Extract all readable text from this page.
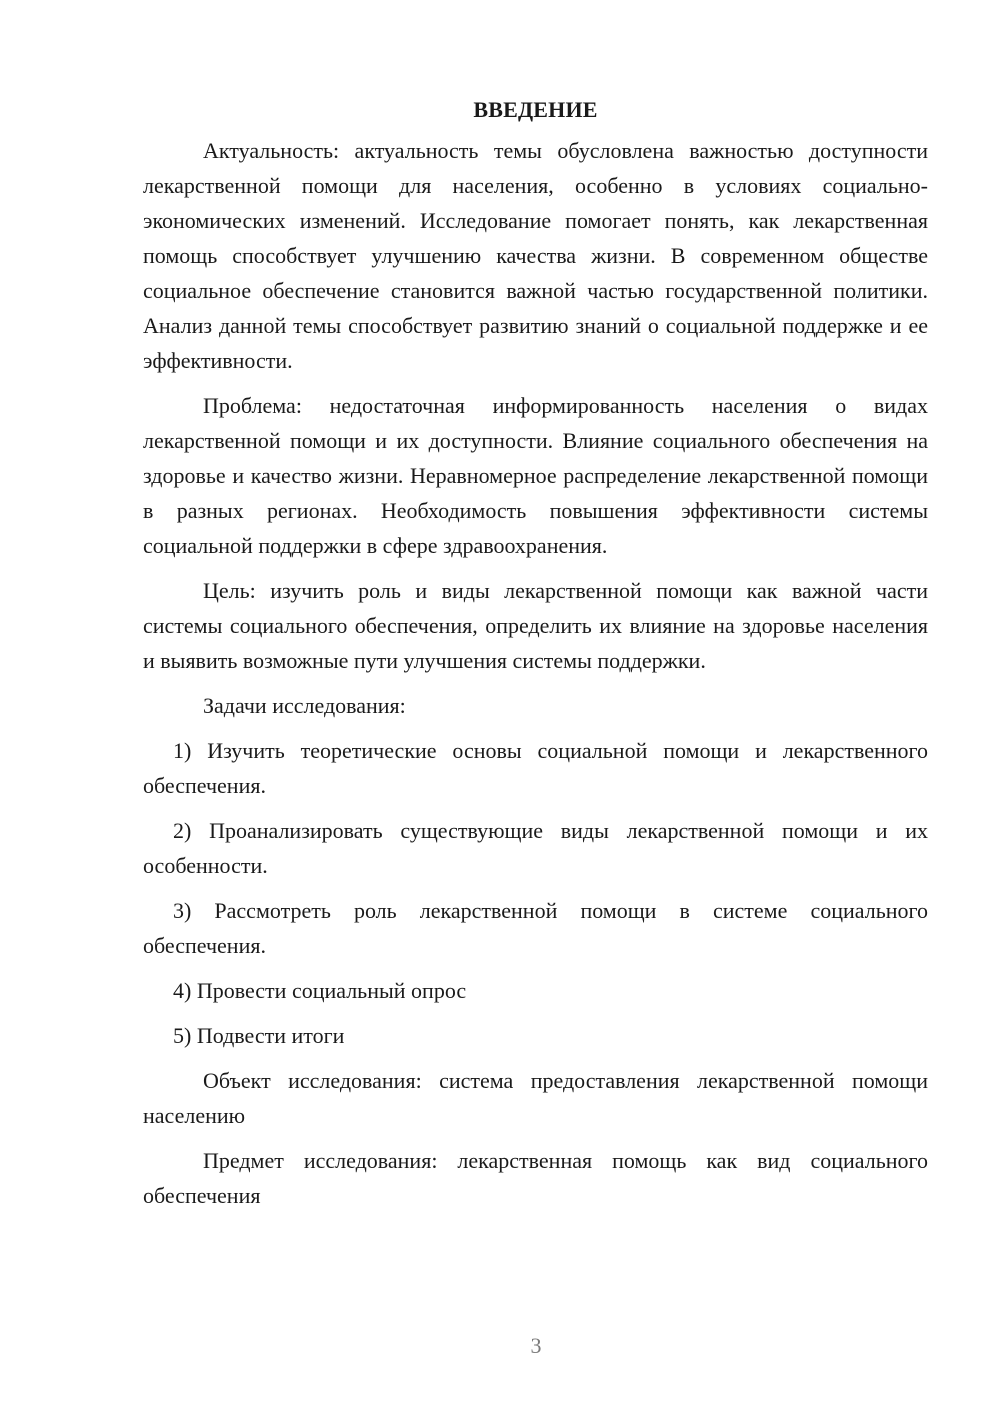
ВВЕДЕНИЕ

Актуальность: актуальность темы обусловлена важностью доступности лекарственной помощи для населения, особенно в условиях социально-экономических изменений. Исследование помогает понять, как лекарственная помощь способствует улучшению качества жизни. В современном обществе социальное обеспечение становится важной частью государственной политики. Анализ данной темы способствует развитию знаний о социальной поддержке и ее эффективности.

Проблема: недостаточная информированность населения о видах лекарственной помощи и их доступности. Влияние социального обеспечения на здоровье и качество жизни. Неравномерное распределение лекарственной помощи в разных регионах. Необходимость повышения эффективности системы социальной поддержки в сфере здравоохранения.

Цель: изучить роль и виды лекарственной помощи как важной части системы социального обеспечения, определить их влияние на здоровье населения и выявить возможные пути улучшения системы поддержки.

Задачи исследования:

1) Изучить теоретические основы социальной помощи и лекарственного обеспечения.

2) Проанализировать существующие виды лекарственной помощи и их особенности.

3) Рассмотреть роль лекарственной помощи в системе социального обеспечения.

4) Провести социальный опрос

5) Подвести итоги

Объект исследования: система предоставления лекарственной помощи населению

Предмет исследования: лекарственная помощь как вид социального обеспечения

3
